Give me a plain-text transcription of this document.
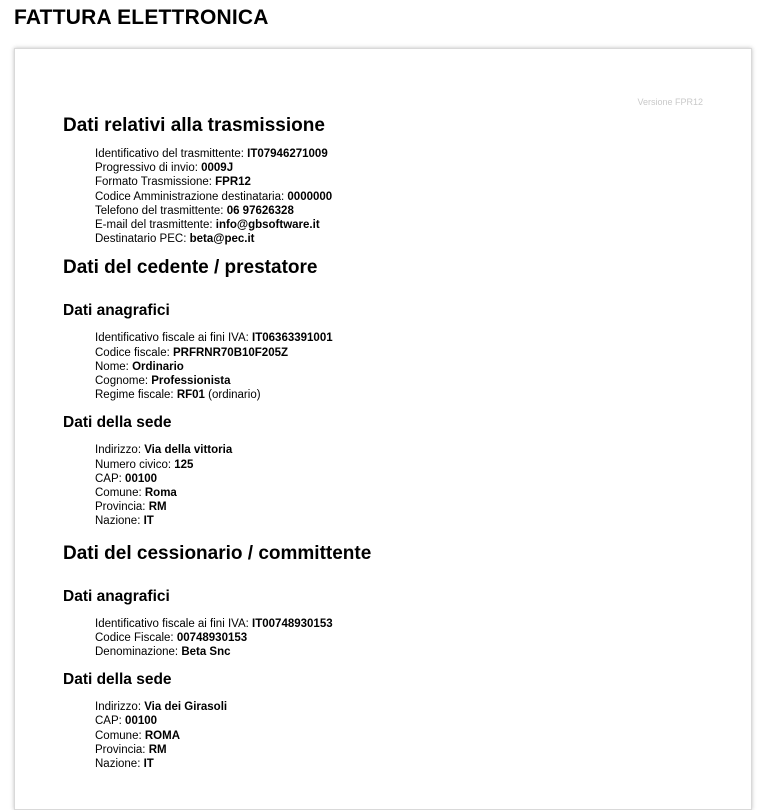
FATTURA ELETTRONICA
Versione FPR12
Dati relativi alla trasmissione
Identificativo del trasmittente: IT07946271009
Progressivo di invio: 0009J
Formato Trasmissione: FPR12
Codice Amministrazione destinataria: 0000000
Telefono del trasmittente: 06 97626328
E-mail del trasmittente: info@gbsoftware.it
Destinatario PEC: beta@pec.it
Dati del cedente / prestatore
Dati anagrafici
Identificativo fiscale ai fini IVA: IT06363391001
Codice fiscale: PRFRNR70B10F205Z
Nome: Ordinario
Cognome: Professionista
Regime fiscale: RF01 (ordinario)
Dati della sede
Indirizzo: Via della vittoria
Numero civico: 125
CAP: 00100
Comune: Roma
Provincia: RM
Nazione: IT
Dati del cessionario / committente
Dati anagrafici
Identificativo fiscale ai fini IVA: IT00748930153
Codice Fiscale: 00748930153
Denominazione: Beta Snc
Dati della sede
Indirizzo: Via dei Girasoli
CAP: 00100
Comune: ROMA
Provincia: RM
Nazione: IT
